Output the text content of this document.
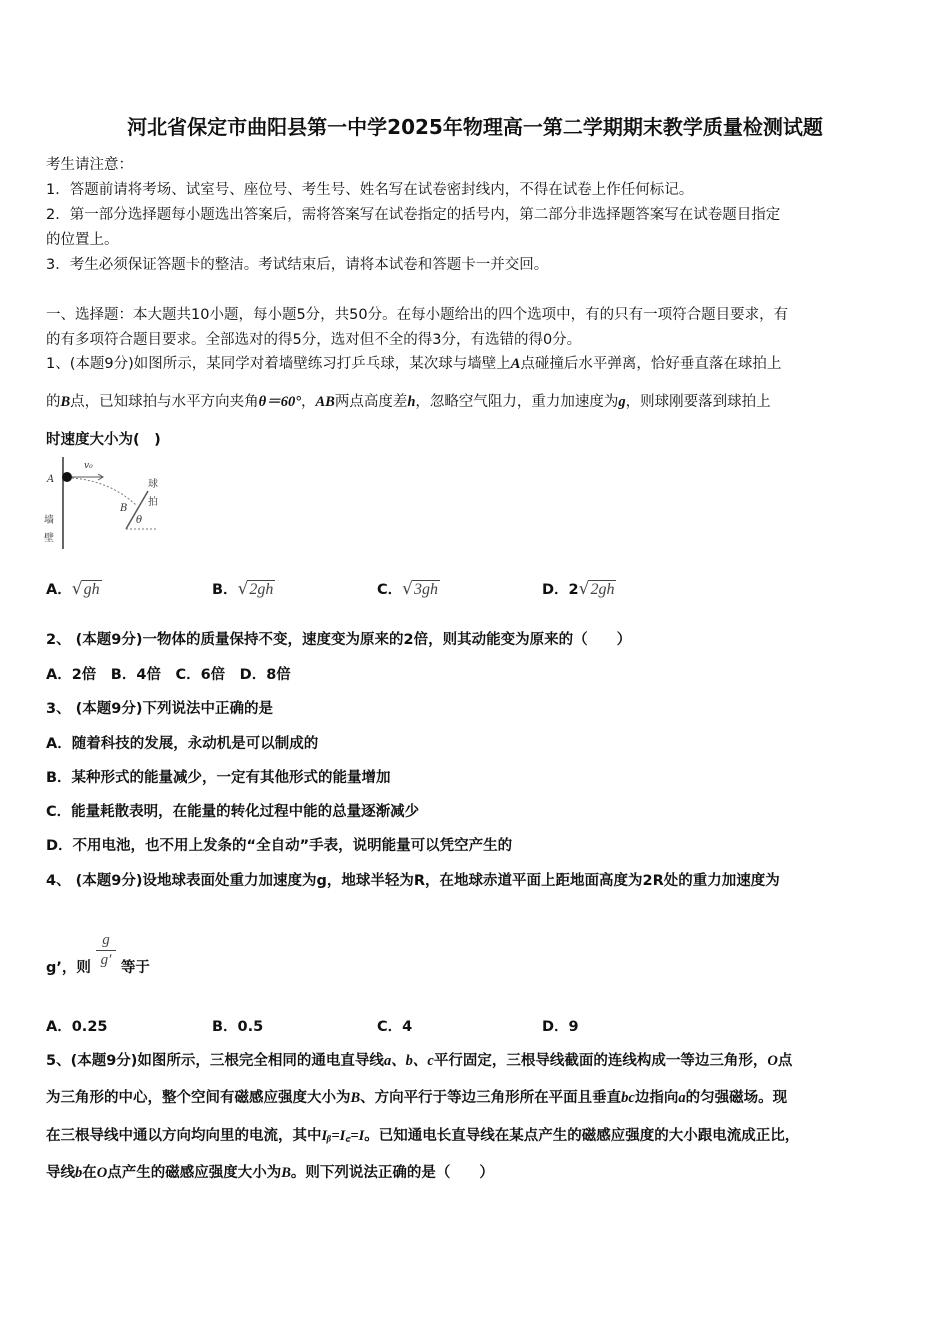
河北省保定市曲阳县第一中学2025年物理高一第二学期期末教学质量检测试题
考生请注意：
1．答题前请将考场、试室号、座位号、考生号、姓名写在试卷密封线内，不得在试卷上作任何标记。
2．第一部分选择题每小题选出答案后，需将答案写在试卷指定的括号内，第二部分非选择题答案写在试卷题目指定
的位置上。
3．考生必须保证答题卡的整洁。考试结束后，请将本试卷和答题卡一并交回。
一、选择题：本大题共10小题，每小题5分，共50分。在每小题给出的四个选项中，有的只有一项符合题目要求，有
的有多项符合题目要求。全部选对的得5分，选对但不全的得3分，有选错的得0分。
1、(本题9分)如图所示，某同学对着墙壁练习打乒乓球，某次球与墙壁上A点碰撞后水平弹离，恰好垂直落在球拍上
的B点，已知球拍与水平方向夹角θ＝60°，AB两点高度差h，忽略空气阻力，重力加速度为g，则球刚要落到球拍上
时速度大小为(　)
v₀
A
B
θ
墙
壁
球
拍
A．√gh	B．√2gh	C．√3gh	D．2√2gh
2、 (本题9分)一物体的质量保持不变，速度变为原来的2倍，则其动能变为原来的（　　）
A．2倍　B．4倍　C．6倍　D．8倍
3、 (本题9分)下列说法中正确的是
A．随着科技的发展，永动机是可以制成的
B．某种形式的能量减少，一定有其他形式的能量增加
C．能量耗散表明，在能量的转化过程中能的总量逐渐减少
D．不用电池，也不用上发条的“全自动”手表，说明能量可以凭空产生的
4、 (本题9分)设地球表面处重力加速度为g，地球半轻为R，在地球赤道平面上距地面高度为2R处的重力加速度为
g’，则 等于
$\frac{g}{g'}$
A．0.25	B．0.5	C．4	D．9
5、(本题9分)如图所示，三根完全相同的通电直导线a、b、c平行固定，三根导线截面的连线构成一等边三角形，O点
为三角形的中心，整个空间有磁感应强度大小为B、方向平行于等边三角形所在平面且垂直bc边指向a的匀强磁场。现
在三根导线中通以方向均向里的电流，其中Iᵦ=I꜀=I。已知通电长直导线在某点产生的磁感应强度的大小跟电流成正比，
导线b在O点产生的磁感应强度大小为B。则下列说法正确的是（　　）
